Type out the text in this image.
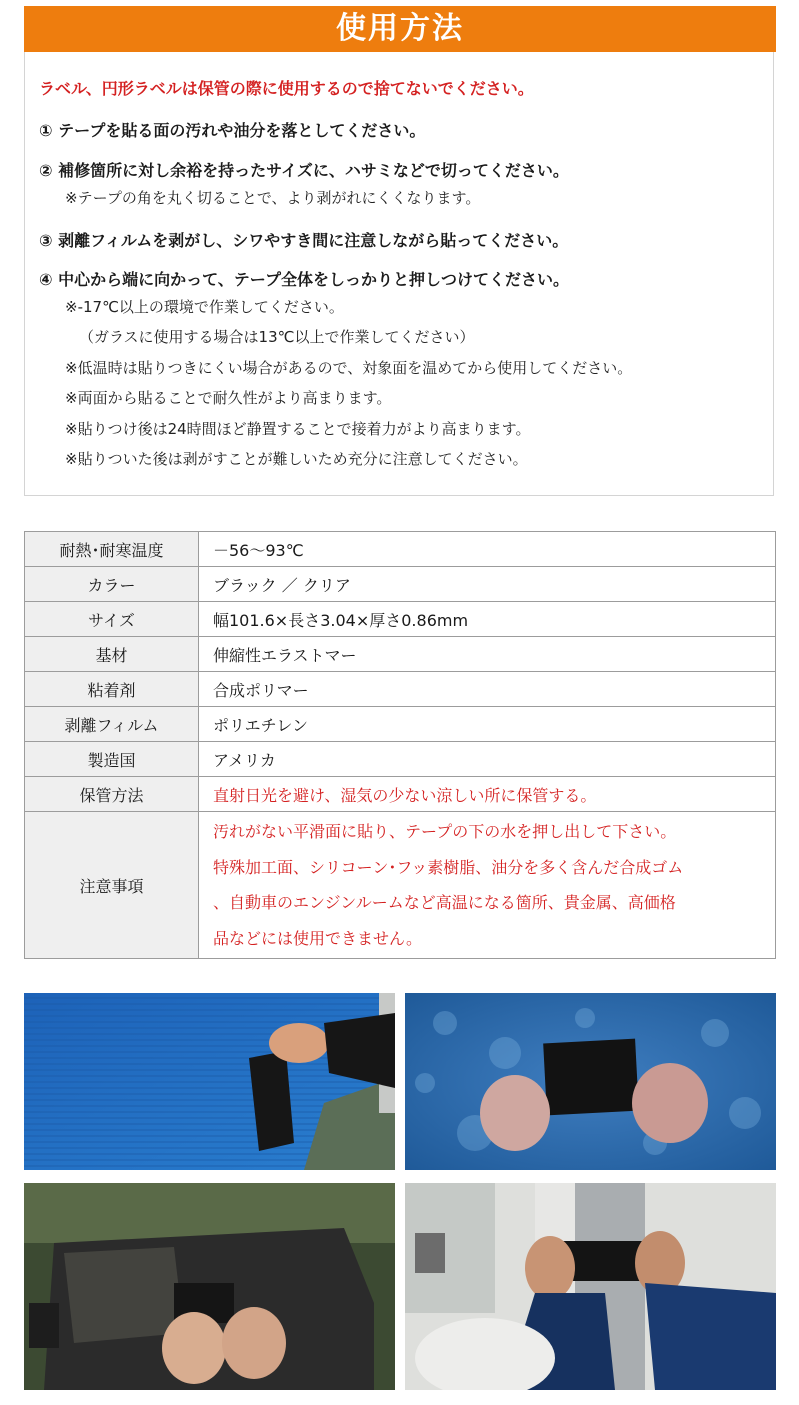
使用方法
ラベル、円形ラベルは保管の際に使用するので捨てないでください。
① テープを貼る面の汚れや油分を落としてください。
② 補修箇所に対し余裕を持ったサイズに、ハサミなどで切ってください。
※テープの角を丸く切ることで、より剥がれにくくなります。
③ 剥離フィルムを剥がし、シワやすき間に注意しながら貼ってください。
④ 中心から端に向かって、テープ全体をしっかりと押しつけてください。
※-17℃以上の環境で作業してください。
（ガラスに使用する場合は13℃以上で作業してください）
※低温時は貼りつきにくい場合があるので、対象面を温めてから使用してください。
※両面から貼ることで耐久性がより高まります。
※貼りつけ後は24時間ほど静置することで接着力がより高まります。
※貼りついた後は剥がすことが難しいため充分に注意してください。
耐熱･耐寒温度	－56～93℃
カラー	ブラック ／ クリア
サイズ	幅101.6×長さ3.04×厚さ0.86mm
基材	伸縮性エラストマー
粘着剤	合成ポリマー
剥離フィルム	ポリエチレン
製造国	アメリカ
保管方法	直射日光を避け、湿気の少ない涼しい所に保管する。
注意事項	汚れがない平滑面に貼り、テープの下の水を押し出して下さい。
特殊加工面、シリコーン･フッ素樹脂、油分を多く含んだ合成ゴム
、自動車のエンジンルームなど高温になる箇所、貴金属、高価格
品などには使用できません。
